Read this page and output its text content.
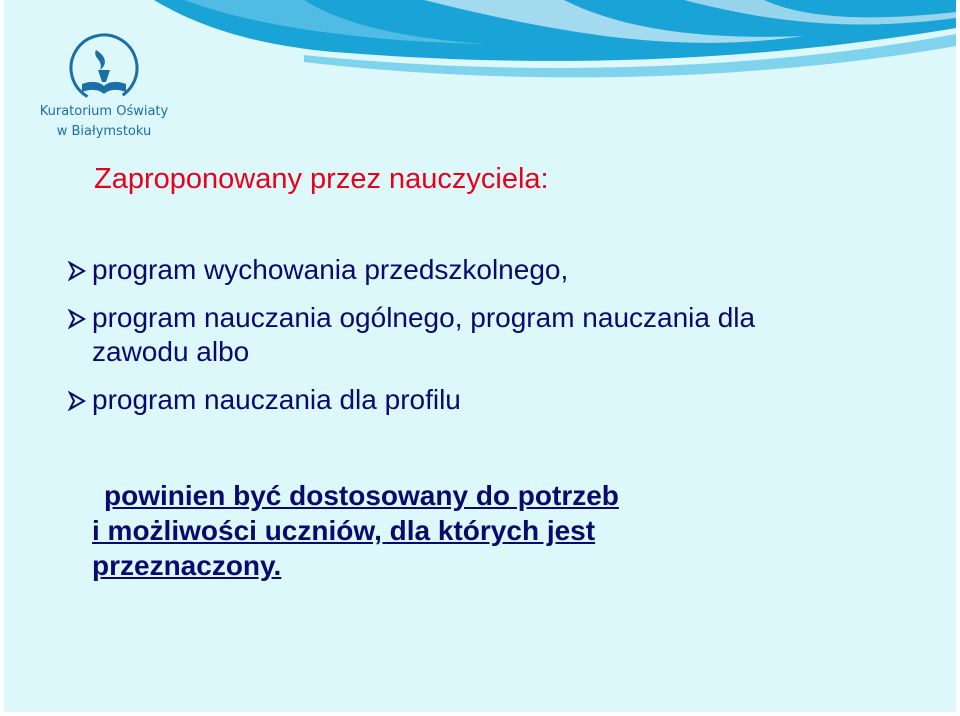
Kuratorium Oświaty
w Białymstoku
Zaproponowany przez nauczyciela:
program wychowania przedszkolnego,
program nauczania ogólnego, program nauczania dla zawodu albo
program nauczania dla profilu

powinien być dostosowany do potrzeb
i możliwości uczniów, dla których jest
przeznaczony.
